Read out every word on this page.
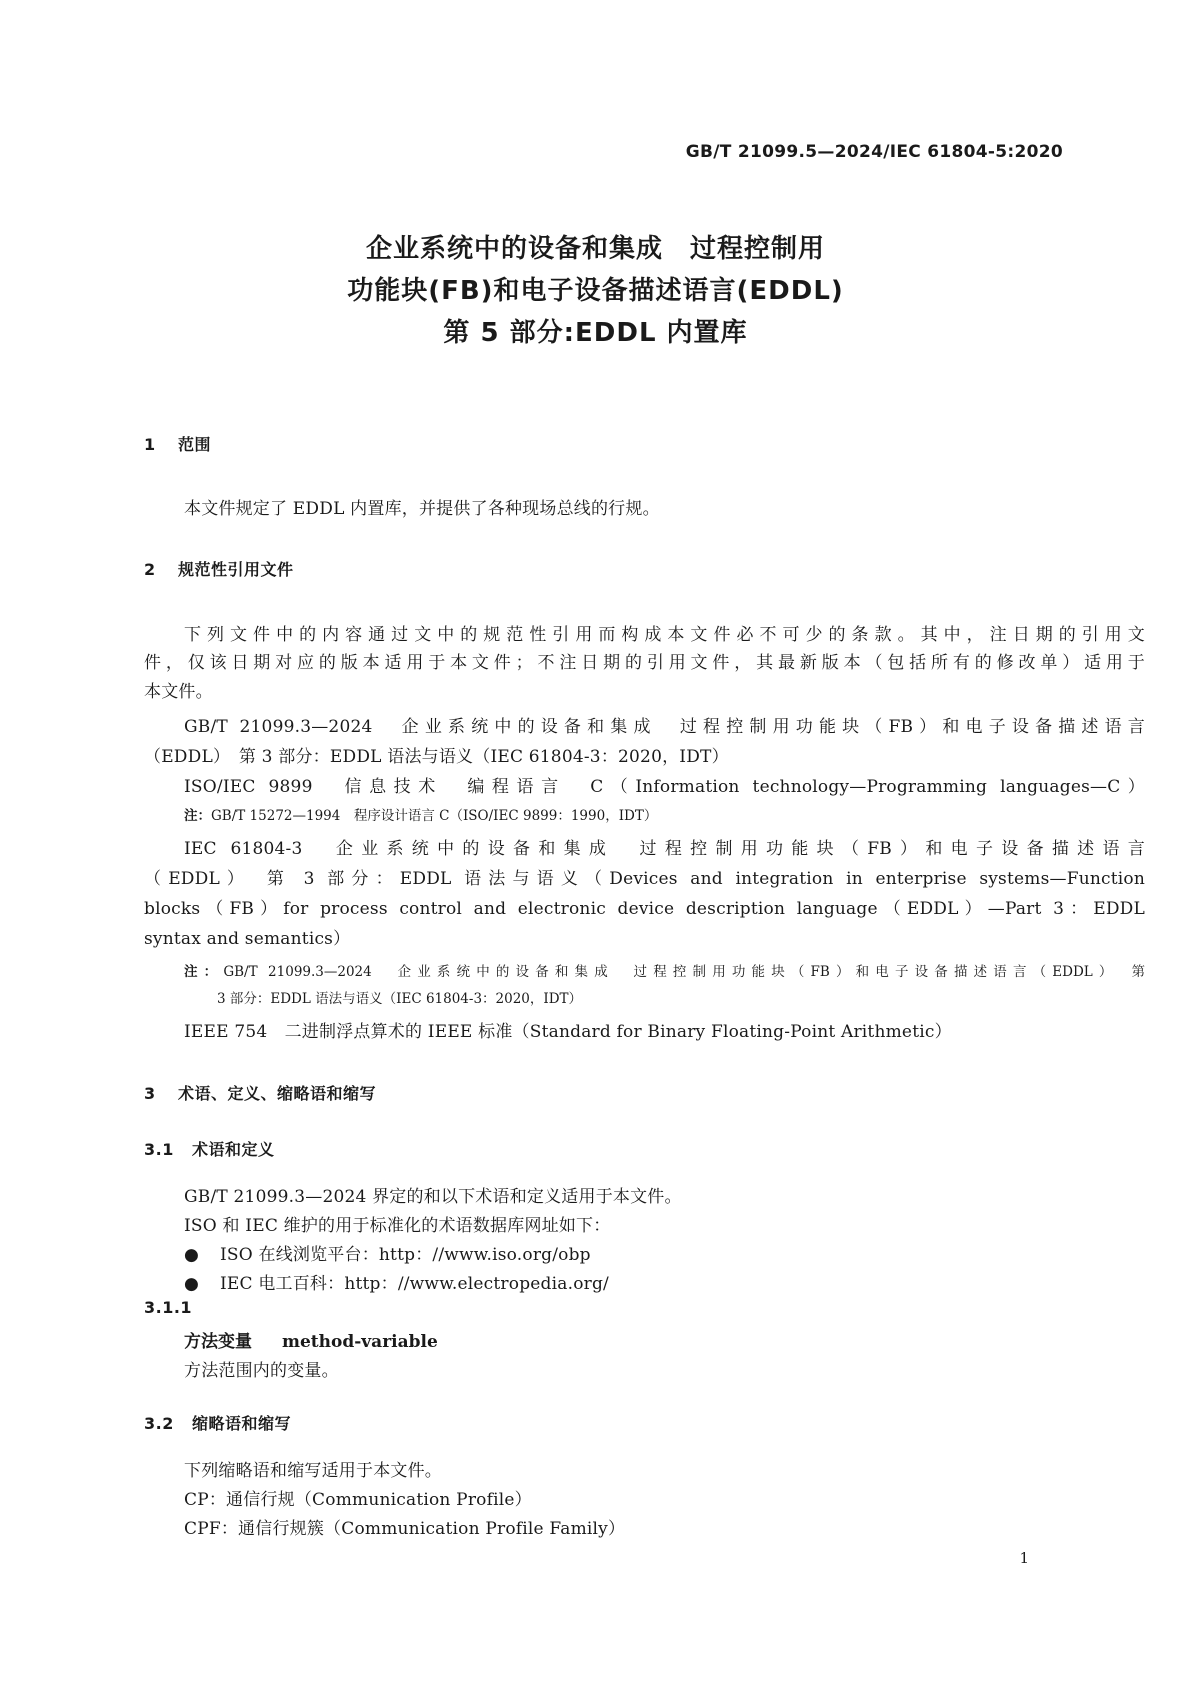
GB/T 21099.5—2024/IEC 61804-5:2020
企业系统中的设备和集成　过程控制用
功能块(FB)和电子设备描述语言(EDDL)
第 5 部分:EDDL 内置库
1 范围
本文件规定了 EDDL 内置库，并提供了各种现场总线的行规。
2 规范性引用文件
下列文件中的内容通过文中的规范性引用而构成本文件必不可少的条款。其中，注日期的引用文
件，仅该日期对应的版本适用于本文件；不注日期的引用文件，其最新版本（包括所有的修改单）适用于
本文件。
GB/T 21099.3—2024　企业系统中的设备和集成　过程控制用功能块（FB）和电子设备描述语言
（EDDL）　第 3 部分：EDDL 语法与语义（IEC 61804-3：2020，IDT）
ISO/IEC 9899　信息技术　编程语言　C（Information technology—Programming languages—C）
注：GB/T 15272—1994　程序设计语言 C（ISO/IEC 9899：1990，IDT）
IEC 61804-3　企业系统中的设备和集成　过程控制用功能块（FB）和电子设备描述语言
（EDDL）　第 3 部分：EDDL 语法与语义（Devices and integration in enterprise systems—Function
blocks（FB）for process control and electronic device description language（EDDL）—Part 3：EDDL
syntax and semantics）
注：GB/T 21099.3—2024　企业系统中的设备和集成　过程控制用功能块（FB）和电子设备描述语言（EDDL）　第
3 部分：EDDL 语法与语义（IEC 61804-3：2020，IDT）
IEEE 754　二进制浮点算术的 IEEE 标准（Standard for Binary Floating-Point Arithmetic）
3 术语、定义、缩略语和缩写
3.1 术语和定义
GB/T 21099.3—2024 界定的和以下术语和定义适用于本文件。
ISO 和 IEC 维护的用于标准化的术语数据库网址如下：
● ISO 在线浏览平台：http：//www.iso.org/obp
● IEC 电工百科：http：//www.electropedia.org/
3.1.1
方法变量 method-variable
方法范围内的变量。
3.2 缩略语和缩写
下列缩略语和缩写适用于本文件。
CP：通信行规（Communication Profile）
CPF：通信行规簇（Communication Profile Family）
1
